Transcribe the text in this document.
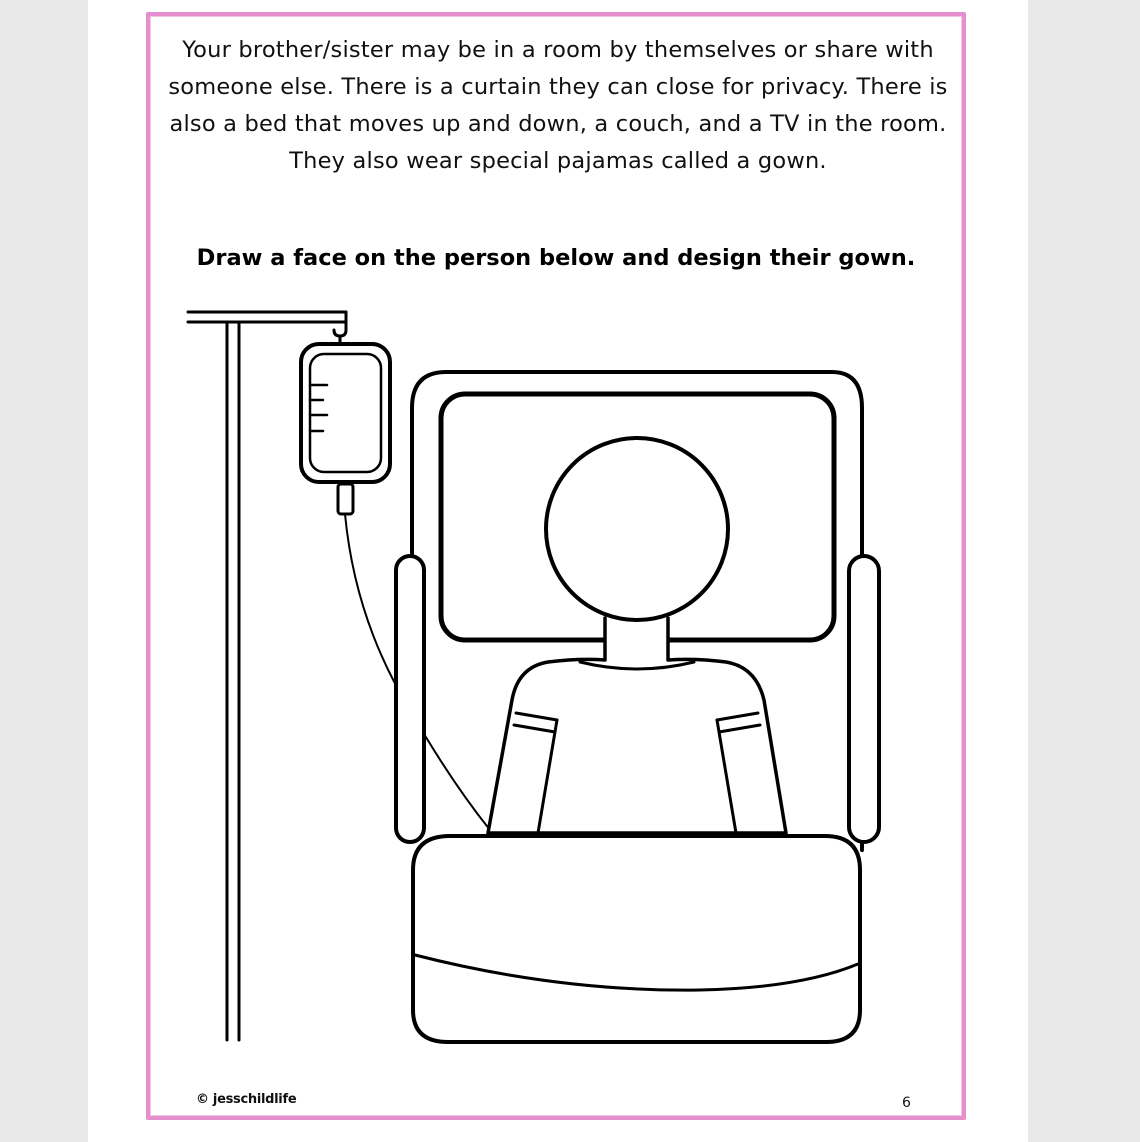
Your brother/sister may be in a room by themselves or share with someone else. There is a curtain they can close for privacy. There is also a bed that moves up and down, a couch, and a TV in the room. They also wear special pajamas called a gown.

Draw a face on the person below and design their gown.

© jesschildlife	6
